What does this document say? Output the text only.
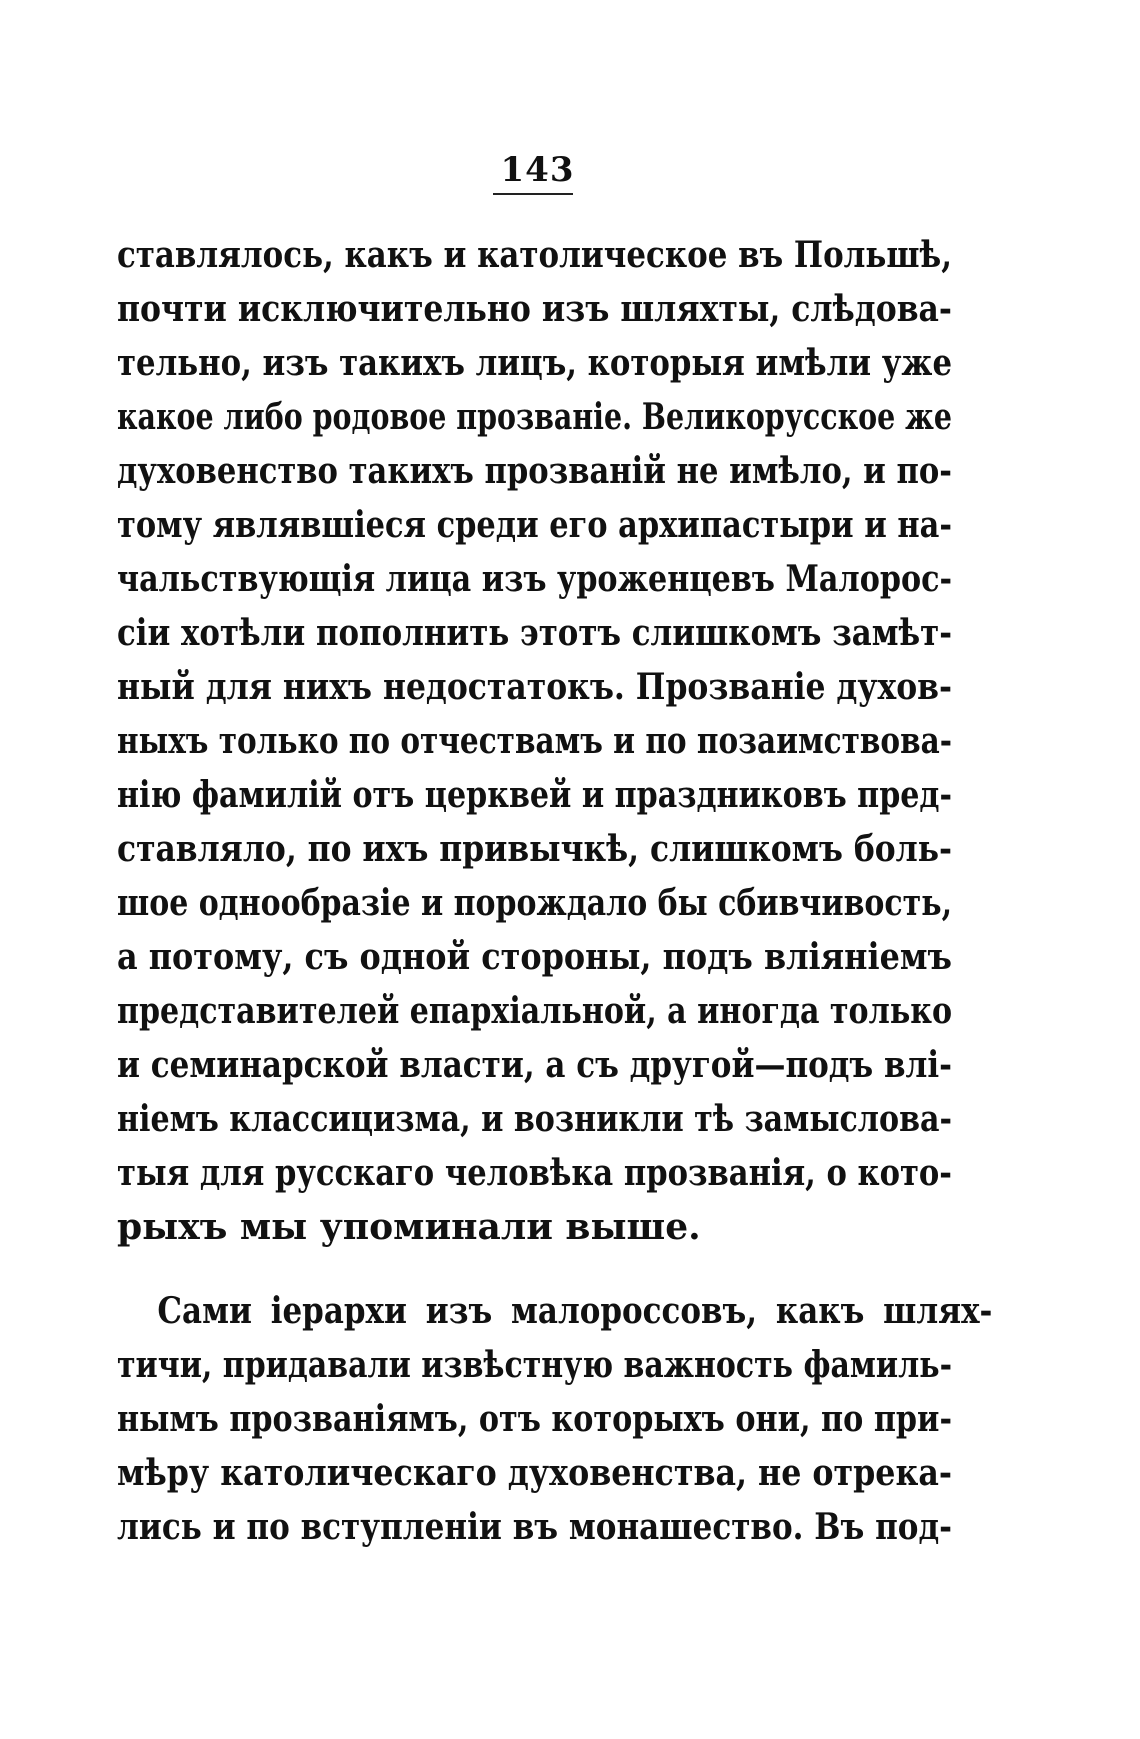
143
ставлялось, какъ и католическое въ Польшѣ,
почти исключительно изъ шляхты, слѣдова-
тельно, изъ такихъ лицъ, которыя имѣли уже
какое либо родовое прозваніе. Великорусское же
духовенство такихъ прозваній не имѣло, и по-
тому являвшіеся среди его архипастыри и на-
чальствующія лица изъ уроженцевъ Малорос-
сіи хотѣли пополнить этотъ слишкомъ замѣт-
ный для нихъ недостатокъ. Прозваніе духов-
ныхъ только по отчествамъ и по позаимствова-
нію фамилій отъ церквей и праздниковъ пред-
ставляло, по ихъ привычкѣ, слишкомъ боль-
шое однообразіе и порождало бы сбивчивость,
а потому, съ одной стороны, подъ вліяніемъ
представителей епархіальной, а иногда только
и семинарской власти, а съ другой—подъ влі-
ніемъ классицизма, и возникли тѣ замыслова-
тыя для русскаго человѣка прозванія, о кото-
рыхъ мы упоминали выше.
Сами іерархи изъ малороссовъ, какъ шлях-
тичи, придавали извѣстную важность фамиль-
нымъ прозваніямъ, отъ которыхъ они, по при-
мѣру католическаго духовенства, не отрека-
лись и по вступленіи въ монашество. Въ под-
